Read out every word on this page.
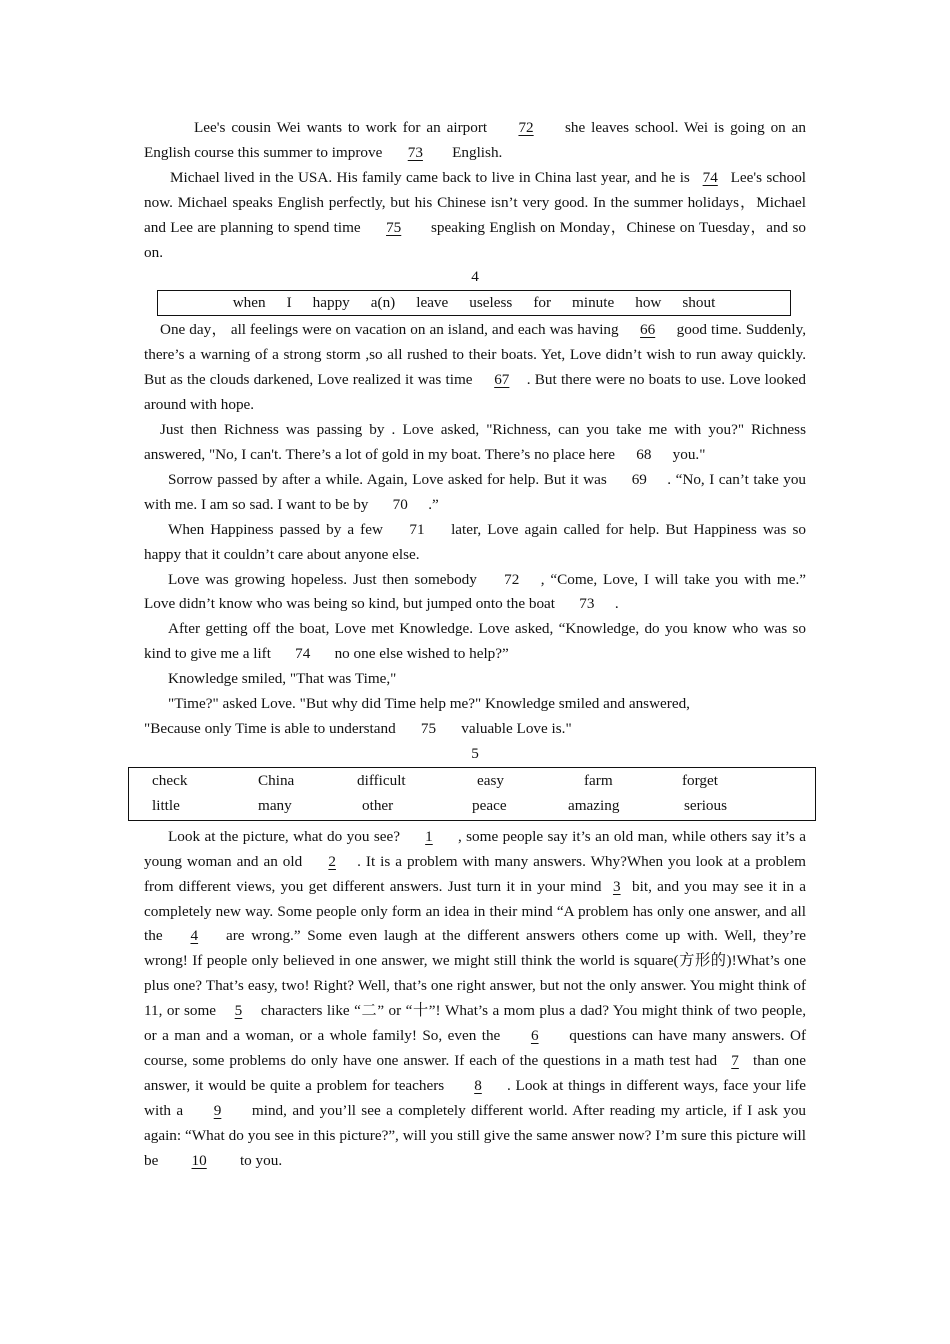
Lee's cousin Wei wants to work for an airport 72 she leaves school. Wei is going on an English course this summer to improve 73 English.

Michael lived in the USA. His family came back to live in China last year, and he is 74 Lee's school now. Michael speaks English perfectly, but his Chinese isn’t very good. In the summer holidays，Michael and Lee are planning to spend time 75 speaking English on Monday，Chinese on Tuesday，and so on.

4

when I happy a(n) leave useless for minute how shout

One day， all feelings were on vacation on an island, and each was having 66 good time. Suddenly, there’s a warning of a strong storm ,so all rushed to their boats. Yet, Love didn’t wish to run away quickly. But as the clouds darkened, Love realized it was time 67 . But there were no boats to use. Love looked around with hope.

Just then Richness was passing by . Love asked, "Richness, can you take me with you?" Richness answered, "No, I can't. There’s a lot of gold in my boat. There’s no place here 68 you."

Sorrow passed by after a while. Again, Love asked for help. But it was 69 . “No, I can’t take you with me. I am so sad. I want to be by 70 .”

When Happiness passed by a few 71 later, Love again called for help. But Happiness was so happy that it couldn’t care about anyone else.

Love was growing hopeless. Just then somebody 72 , “Come, Love, I will take you with me.” Love didn’t know who was being so kind, but jumped onto the boat 73 .

After getting off the boat, Love met Knowledge. Love asked, “Knowledge, do you know who was so kind to give me a lift 74 no one else wished to help?”

Knowledge smiled, "That was Time,"

"Time?" asked Love. "But why did Time help me?" Knowledge smiled and answered,

"Because only Time is able to understand 75 valuable Love is."

5

check	China	difficult	easy	farm	forget
little	many	other	peace	amazing	serious

Look at the picture, what do you see? 1 , some people say it’s an old man, while others say it’s a young woman and an old 2 . It is a problem with many answers. Why?When you look at a problem from different views, you get different answers. Just turn it in your mind 3 bit, and you may see it in a completely new way. Some people only form an idea in their mind “A problem has only one answer, and all the 4 are wrong.” Some even laugh at the different answers others come up with. Well, they’re wrong! If people only believed in one answer, we might still think the world is square(方形的)!What’s one plus one? That’s easy, two! Right? Well, that’s one right answer, but not the only answer. You might think of 11, or some 5 characters like “二” or “十”! What’s a mom plus a dad? You might think of two people, or a man and a woman, or a whole family! So, even the 6 questions can have many answers. Of course, some problems do only have one answer. If each of the questions in a math test had 7 than one answer, it would be quite a problem for teachers 8 . Look at things in different ways, face your life with a 9 mind, and you’ll see a completely different world. After reading my article, if I ask you again: “What do you see in this picture?”, will you still give the same answer now? I’m sure this picture will be 10 to you.
